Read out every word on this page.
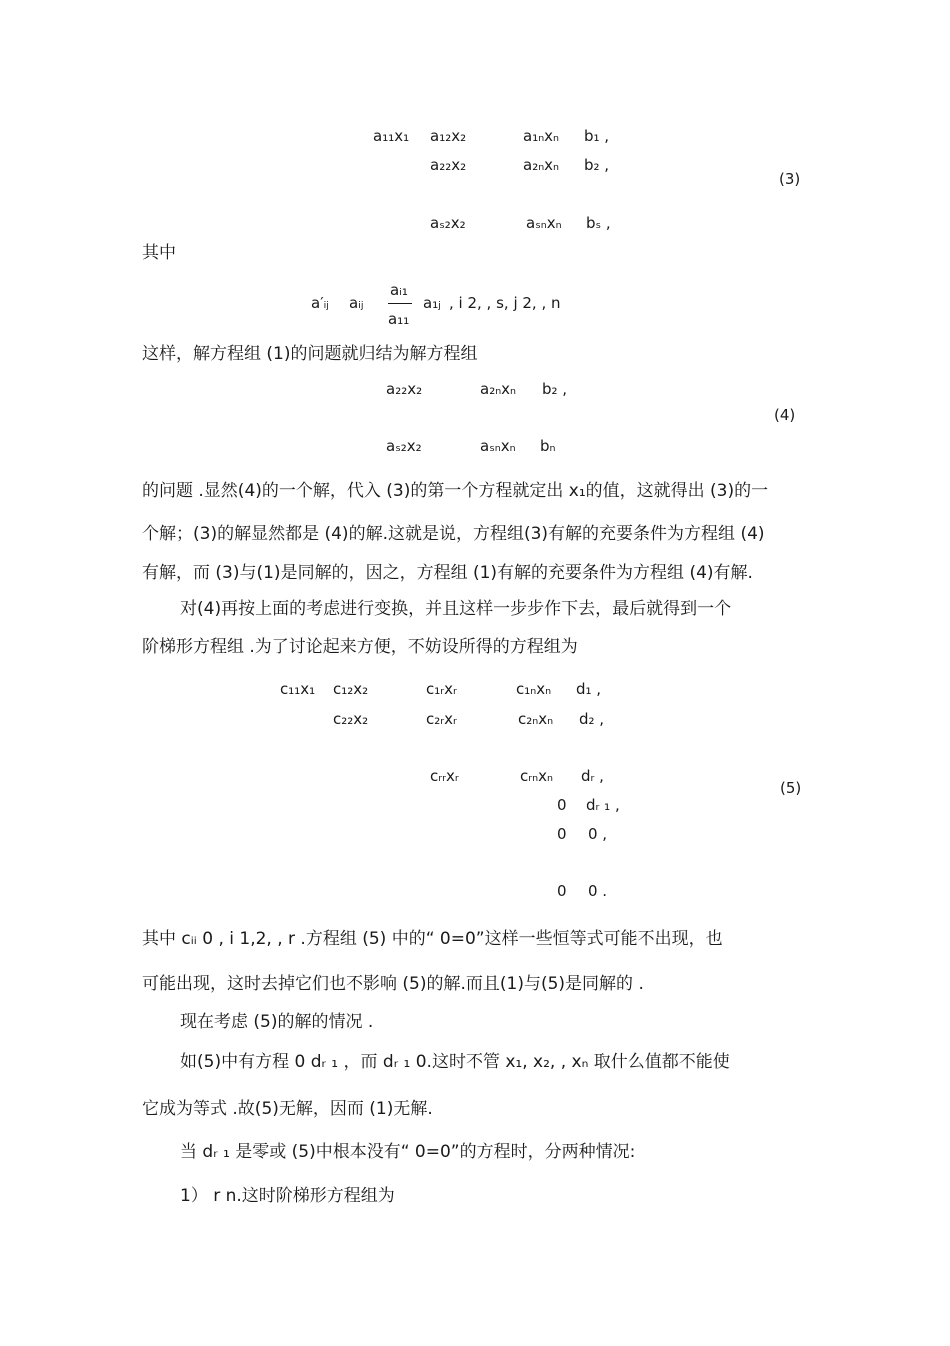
a₁₁x₁ a₁₂x₂	a₁ₙxₙ b₁ ,
a₂₂x₂	a₂ₙxₙ b₂ ,
aₛ₂x₂	aₛₙxₙ bₛ ,
(3)
其中
a′ᵢⱼ aᵢⱼ
aᵢ₁
a₁₁
a₁ⱼ , i 2, , s, j 2, , n
这样，解方程组 (1)的问题就归结为解方程组
a₂₂x₂	a₂ₙxₙ b₂ ,
aₛ₂x₂	aₛₙxₙ bₙ
(4)
的问题 .显然(4)的一个解，代入 (3)的第一个方程就定出 x₁的值，这就得出 (3)的一
个解；(3)的解显然都是 (4)的解.这就是说，方程组(3)有解的充要条件为方程组 (4)
有解，而 (3)与(1)是同解的，因之，方程组 (1)有解的充要条件为方程组 (4)有解.
对(4)再按上面的考虑进行变换，并且这样一步步作下去，最后就得到一个
阶梯形方程组 .为了讨论起来方便，不妨设所得的方程组为
c₁₁x₁ c₁₂x₂	c₁ᵣxᵣ	c₁ₙxₙ d₁ ,
c₂₂x₂	c₂ᵣxᵣ	c₂ₙxₙ d₂ ,
cᵣᵣxᵣ	cᵣₙxₙ dᵣ ,
0 dᵣ ₁ ,
0 0 ,
0 0 .
(5)
其中 cᵢᵢ 0 , i 1,2, , r .方程组 (5) 中的“ 0=0”这样一些恒等式可能不出现，也
可能出现，这时去掉它们也不影响 (5)的解.而且(1)与(5)是同解的 .
现在考虑 (5)的解的情况 .
如(5)中有方程 0 dᵣ ₁ ，而 dᵣ ₁ 0.这时不管 x₁, x₂, , xₙ 取什么值都不能使
它成为等式 .故(5)无解，因而 (1)无解.
当 dᵣ ₁ 是零或 (5)中根本没有“ 0=0”的方程时，分两种情况:
1） r n.这时阶梯形方程组为
